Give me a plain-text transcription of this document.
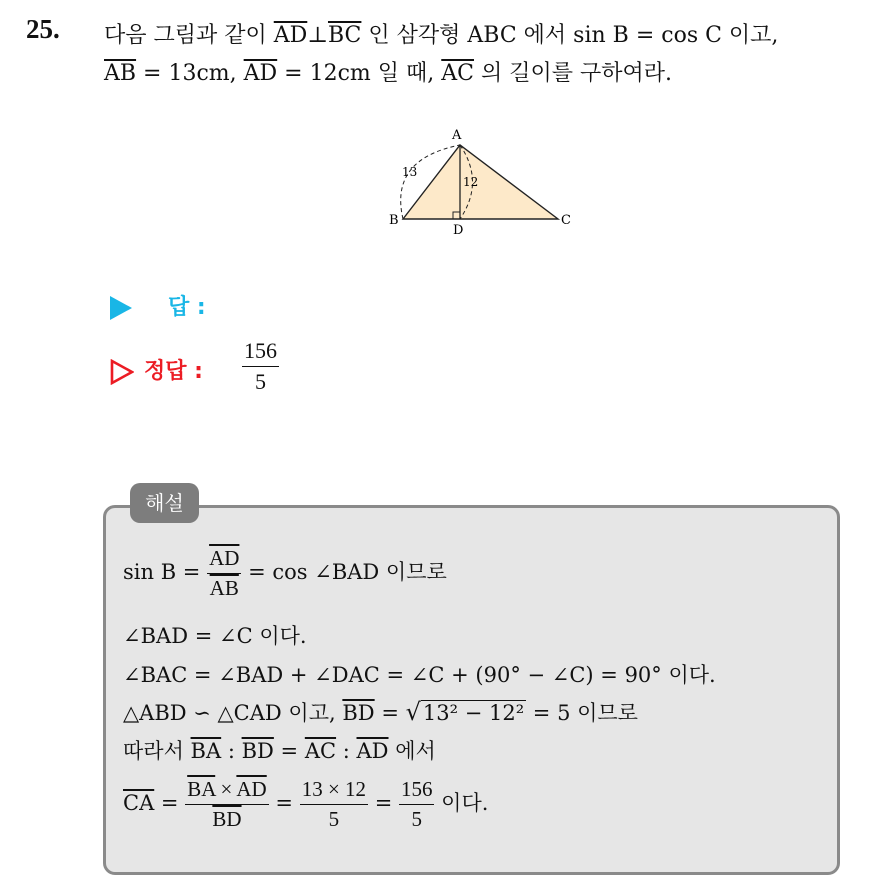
25. 다음 그림과 같이 $\overline{AD}\perp\overline{BC}$ 인 삼각형 ABC 에서 sin B = cos C 이고,
$\overline{AB} = 13cm$, $\overline{AD} = 12cm$ 일 때, $\overline{AC}$ 의 길이를 구하여라.
A
B	C
D
13
12
답 :
정답 : $\frac{156}{5}$
해설
$\sin B = \frac{\overline{AD}}{AB} = \cos$ ∠BAD 이므로
∠BAD = ∠C 이다.
∠BAC = ∠BAD + ∠DAC = ∠C + (90° − ∠C) = 90° 이다.
△ABD ∽ △CAD 이고, $\overline{BD} = √13^2 - 12^2 = 5$ 이므로
따라서 $\overline{BA}$ : $\overline{BD} = \overline{AC}$ : $\overline{AD}$ 에서
$\overline{CA} = \frac{\overline{BA} \times \overline{AD}}{BD} = \frac{13 \times 12}{5} = \frac{156}{5}$ 이다.
